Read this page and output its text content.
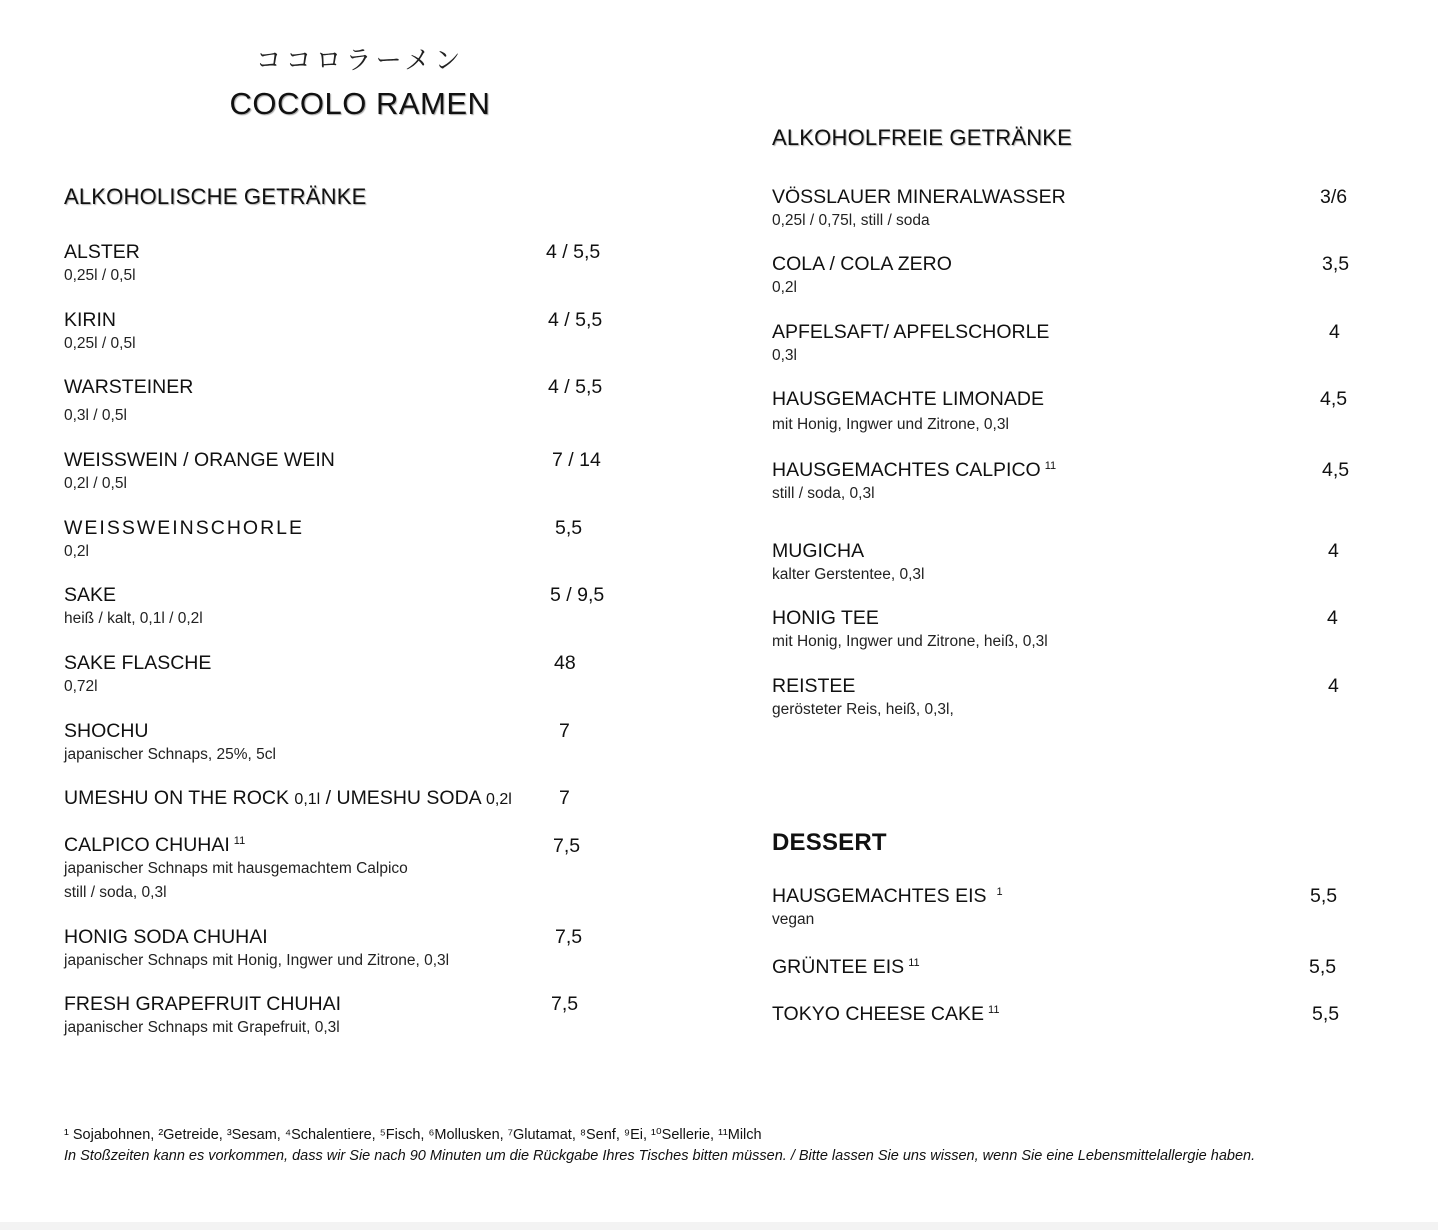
ココロラーメン
COCOLO RAMEN
ALKOHOLISCHE GETRÄNKE
ALSTER
0,25l / 0,5l
4 / 5,5
KIRIN
0,25l / 0,5l
4 / 5,5
WARSTEINER
0,3l / 0,5l
4 / 5,5
WEISSWEIN / ORANGE WEIN
0,2l / 0,5l
7 / 14
WEISSWEINSCHORLE
0,2l
5,5
SAKE
heiß / kalt, 0,1l / 0,2l
5 / 9,5
SAKE FLASCHE
0,72l
48
SHOCHU
japanischer Schnaps, 25%, 5cl
7
UMESHU ON THE ROCK 0,1l / UMESHU SODA 0,2l 7
CALPICO CHUHAI $^{11}$
japanischer Schnaps mit hausgemachtem Calpico
still / soda, 0,3l
7,5
HONIG SODA CHUHAI
japanischer Schnaps mit Honig, Ingwer und Zitrone, 0,3l
7,5
FRESH GRAPEFRUIT CHUHAI
japanischer Schnaps mit Grapefruit, 0,3l
7,5
ALKOHOLFREIE GETRÄNKE
VÖSSLAUER MINERALWASSER
0,25l / 0,75l, still / soda
3/6
COLA / COLA ZERO
0,2l
3,5
APFELSAFT/ APFELSCHORLE
0,3l
4
HAUSGEMACHTE LIMONADE
mit Honig, Ingwer und Zitrone, 0,3l
4,5
HAUSGEMACHTES CALPICO $^{11}$
still / soda, 0,3l
4,5
MUGICHA
kalter Gerstentee, 0,3l
4
HONIG TEE
mit Honig, Ingwer und Zitrone, heiß, 0,3l
4
REISTEE
gerösteter Reis, heiß, 0,3l,
4
DESSERT
HAUSGEMACHTES EIS $^1$
vegan
5,5
GRÜNTEE EIS $^{11}$	5,5
TOKYO CHEESE CAKE $^{11}$	5,5
¹ Sojabohnen, ²Getreide, ³Sesam, ⁴Schalentiere, ⁵Fisch, ⁶Mollusken, ⁷Glutamat, ⁸Senf, ⁹Ei, ¹⁰Sellerie, ¹¹Milch
In Stoßzeiten kann es vorkommen, dass wir Sie nach 90 Minuten um die Rückgabe Ihres Tisches bitten müssen. / Bitte lassen Sie uns wissen, wenn Sie eine Lebensmittelallergie haben.
